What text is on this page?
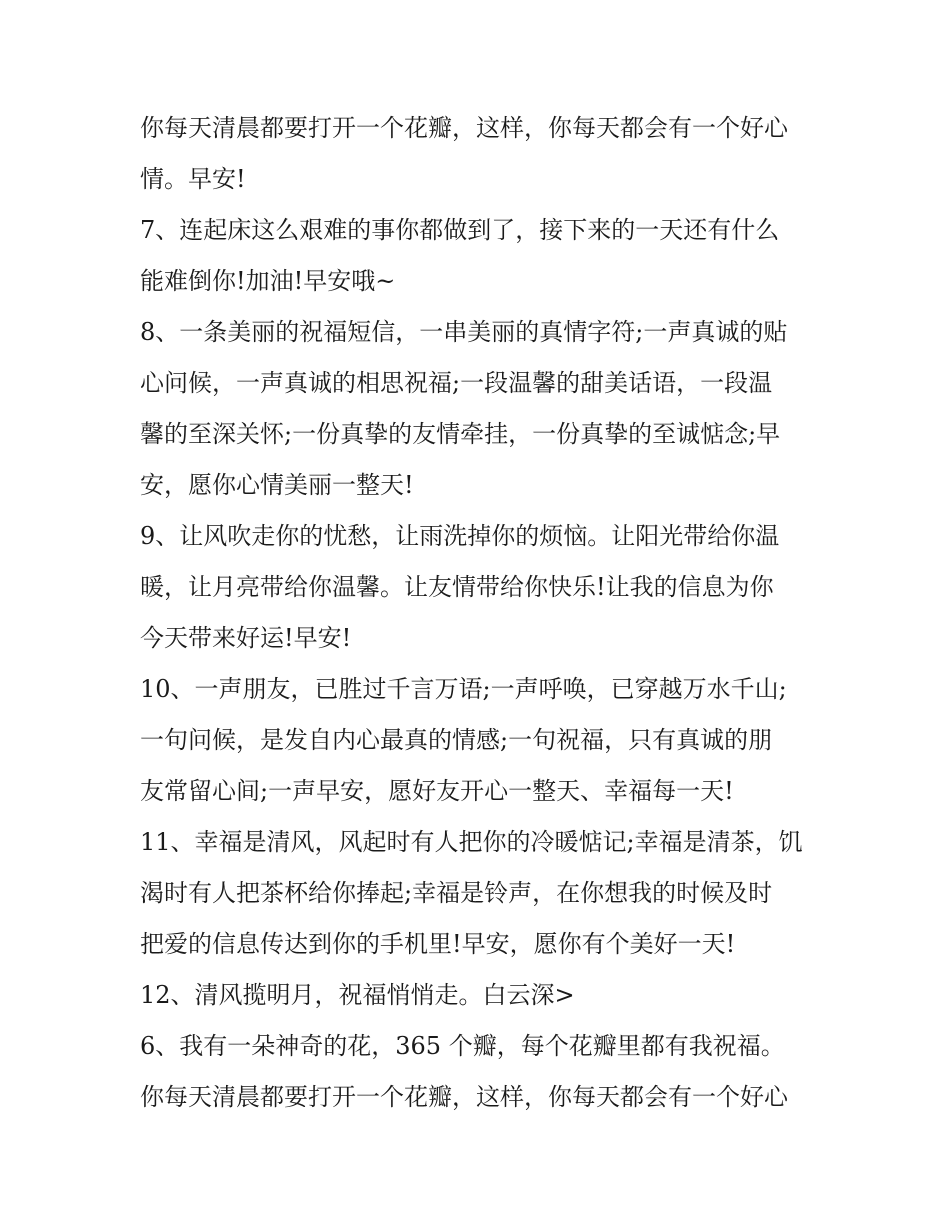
你每天清晨都要打开一个花瓣，这样，你每天都会有一个好心
情。早安!
7、连起床这么艰难的事你都做到了，接下来的一天还有什么
能难倒你!加油!早安哦~
8、一条美丽的祝福短信，一串美丽的真情字符;一声真诚的贴
心问候，一声真诚的相思祝福;一段温馨的甜美话语，一段温
馨的至深关怀;一份真挚的友情牵挂，一份真挚的至诚惦念;早
安，愿你心情美丽一整天!
9、让风吹走你的忧愁，让雨洗掉你的烦恼。让阳光带给你温
暖，让月亮带给你温馨。让友情带给你快乐!让我的信息为你
今天带来好运!早安!
10、一声朋友，已胜过千言万语;一声呼唤，已穿越万水千山;
一句问候，是发自内心最真的情感;一句祝福，只有真诚的朋
友常留心间;一声早安，愿好友开心一整天、幸福每一天!
11、幸福是清风，风起时有人把你的冷暖惦记;幸福是清茶，饥
渴时有人把茶杯给你捧起;幸福是铃声，在你想我的时候及时
把爱的信息传达到你的手机里!早安，愿你有个美好一天!
12、清风揽明月，祝福悄悄走。白云深>
6、我有一朵神奇的花，365 个瓣，每个花瓣里都有我祝福。
你每天清晨都要打开一个花瓣，这样，你每天都会有一个好心
